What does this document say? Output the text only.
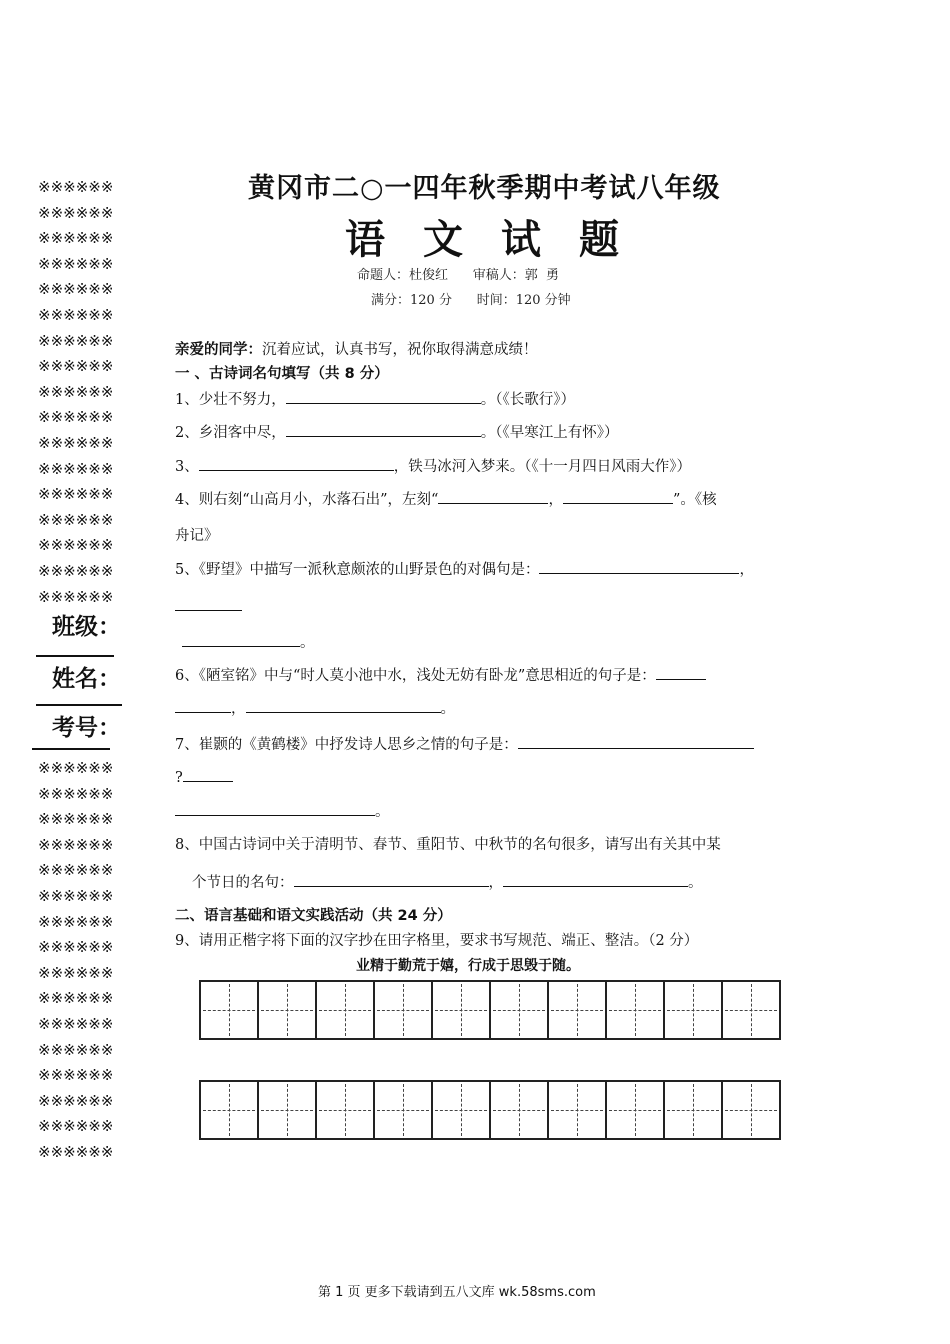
※※※※※※
※※※※※※
※※※※※※
※※※※※※
※※※※※※
※※※※※※
※※※※※※
※※※※※※
※※※※※※
※※※※※※
※※※※※※
※※※※※※
※※※※※※
※※※※※※
※※※※※※
※※※※※※
※※※※※※
班级：
姓名：
考号：
※※※※※※
※※※※※※
※※※※※※
※※※※※※
※※※※※※
※※※※※※
※※※※※※
※※※※※※
※※※※※※
※※※※※※
※※※※※※
※※※※※※
※※※※※※
※※※※※※
※※※※※※
※※※※※※
黄冈市二○一四年秋季期中考试八年级
语文试题
命题人：杜俊红      审稿人：郭  勇
满分：120 分      时间：120 分钟
亲爱的同学：沉着应试，认真书写，祝你取得满意成绩！
一 、古诗词名句填写（共 8 分）
1、少壮不努力，	。（《长歌行》）
2、乡泪客中尽，	。（《早寒江上有怀》）
3、	，铁马冰河入梦来。（《十一月四日风雨大作》）
4、则右刻“山高月小，水落石出”，左刻“	，	”。《核
舟记》
5、《野望》中描写一派秋意颇浓的山野景色的对偶句是：	，
。
6、《陋室铭》中与“时人莫小池中水，浅处无妨有卧龙”意思相近的句子是：
，	。
7、崔颢的《黄鹤楼》中抒发诗人思乡之情的句子是：
?
。
8、中国古诗词中关于清明节、春节、重阳节、中秋节的名句很多，请写出有关其中某
个节日的名句：	，	。
二、语言基础和语文实践活动（共 24 分）
9、请用正楷字将下面的汉字抄在田字格里，要求书写规范、端正、整洁。（2 分）
业精于勤荒于嬉，行成于思毁于随。
第 1 页 更多下载请到五八文库 wk.58sms.com
